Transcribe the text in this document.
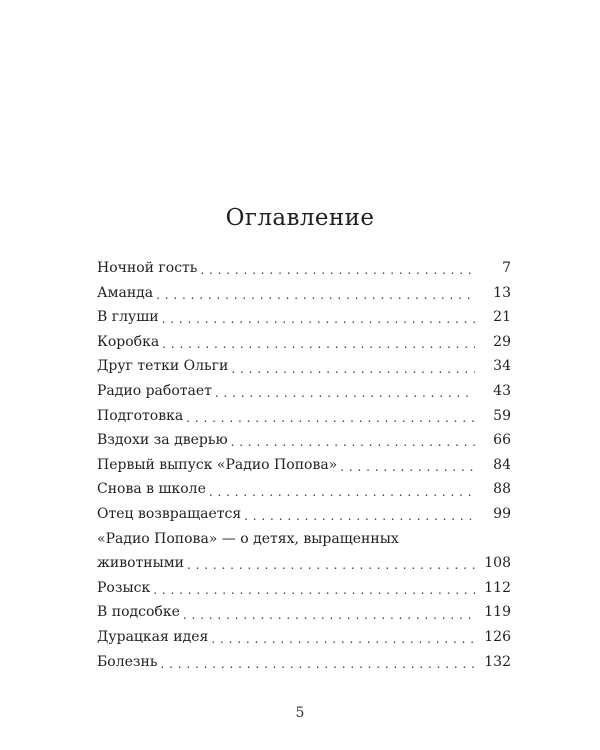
Оглавление
Ночной гость . . .	7
Аманда . . .	13
В глуши . . .	21
Коробка . . .	29
Друг тетки Ольги . . .	34
Радио работает . . .	43
Подготовка . . .	59
Вздохи за дверью . . .	66
Первый выпуск «Радио Попова» . . .	84
Снова в школе . . .	88
Отец возвращается . . .	99
«Радио Попова» — о детях, выращенных
животными . . .	108
Розыск . . .	112
В подсобке . . .	119
Дурацкая идея . . .	126
Болезнь . . .	132
5
